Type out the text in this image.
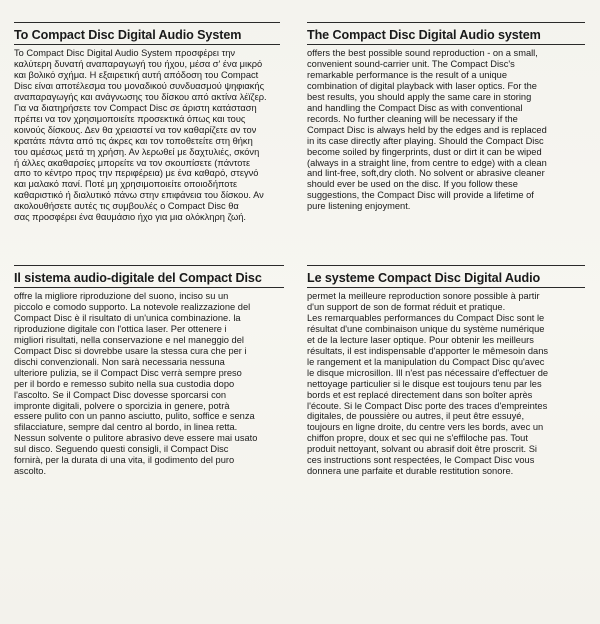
To Compact Disc Digital Audio System
Το Compact Disc Digital Audio System προσφέρει την
καλύτερη δυνατή αναπαραγωγή του ήχου, μέσα σ' ένα μικρό
και βολικό σχήμα. Η εξαιρετική αυτή απόδοση του Compact
Disc είναι αποτέλεσμα του μοναδικού συνδυασμού ψηφιακής
αναπαραγωγής και ανάγνωσης του δίσκου από ακτίνα λέϊζερ.
Για να διατηρήσετε τον Compact Disc σε άριστη κατάσταση
πρέπει να τον χρησιμοποιείτε προσεκτικά όπως και τους
κοινούς δίσκους. Δεν θα χρειαστεί να τον καθαρίζετε αν τον
κρατάτε πάντα από τις άκρες και τον τοποθετείτε στη θήκη
του αμέσως μετά τη χρήση. Αν λερωθεί με δαχτυλιές, σκόνη
ή άλλες ακαθαρσίες μπορείτε να τον σκουπίσετε (πάντοτε
απο το κέντρο προς την περιφέρεια) με ένα καθαρό, στεγνό
και μαλακό πανί. Ποτέ μη χρησιμοποιείτε οποιοδήποτε
καθαριστικό ή διαλυτικό πάνω στην επιφάνεια του δίσκου. Αν
ακολουθήσετε αυτές τις συμβουλές ο Compact Disc θα
σας προσφέρει ένα θαυμάσιο ήχο για μια ολόκληρη ζωή.
The Compact Disc Digital Audio system
offers the best possible sound reproduction - on a small,
convenient sound-carrier unit. The Compact Disc's
remarkable performance is the result of a unique
combination of digital playback with laser optics. For the
best results, you should apply the same care in storing
and handling the Compact Disc as with conventional
records. No further cleaning will be necessary if the
Compact Disc is always held by the edges and is replaced
in its case directly after playing. Should the Compact Disc
become soiled by fingerprints, dust or dirt it can be wiped
(always in a straight line, from centre to edge) with a clean
and lint-free, soft,dry cloth. No solvent or abrasive cleaner
should ever be used on the disc. If you follow these
suggestions, the Compact Disc will provide a lifetime of
pure listening enjoyment.
Il sistema audio-digitale del Compact Disc
offre la migliore riproduzione del suono, inciso su un
piccolo e comodo supporto. La notevole realizzazione del
Compact Disc è il risultato di un'unica combinazione. la
riproduzione digitale con l'ottica laser. Per ottenere i
migliori risultati, nella conservazione e nel maneggio del
Compact Disc si dovrebbe usare la stessa cura che per i
dischi convenzionali. Non sarà necessaria nessuna
ulteriore pulizia, se il Compact Disc verrà sempre preso
per il bordo e remesso subito nella sua custodia dopo
l'ascolto. Se il Compact Disc dovesse sporcarsi con
impronte digitali, polvere o sporcizia in genere, potrà
essere pulito con un panno asciutto, pulito, soffice e senza
sfilacciature, sempre dal centro al bordo, in linea retta.
Nessun solvente o pulitore abrasivo deve essere mai usato
sul disco. Seguendo questi consigli, il Compact Disc
fornirà, per la durata di una vita, il godimento del puro
ascolto.
Le systeme Compact Disc Digital Audio
permet la meilleure reproduction sonore possible à partir
d'un support de son de format réduit et pratique.
Les remarquables performances du Compact Disc sont le
résultat d'une combinaison unique du système numérique
et de la lecture laser optique. Pour obtenir les meilleurs
résultats, il est indispensable d'apporter le mêmesoin dans
le rangement et la manipulation du Compact Disc qu'avec
le disque microsillon. Ill n'est pas nécessaire d'effectuer de
nettoyage particulier si le disque est toujours tenu par les
bords et est replacé directement dans son boîter après
l'écoute. Si le Compact Disc porte des traces d'empreintes
digitales, de poussière ou autres, il peut être essuyé,
toujours en ligne droite, du centre vers les bords, avec un
chiffon propre, doux et sec qui ne s'effiloche pas. Tout
produit nettoyant, solvant ou abrasif doit être proscrit. Si
ces instructions sont respectées, le Compact Disc vous
donnera une parfaite et durable restitution sonore.
